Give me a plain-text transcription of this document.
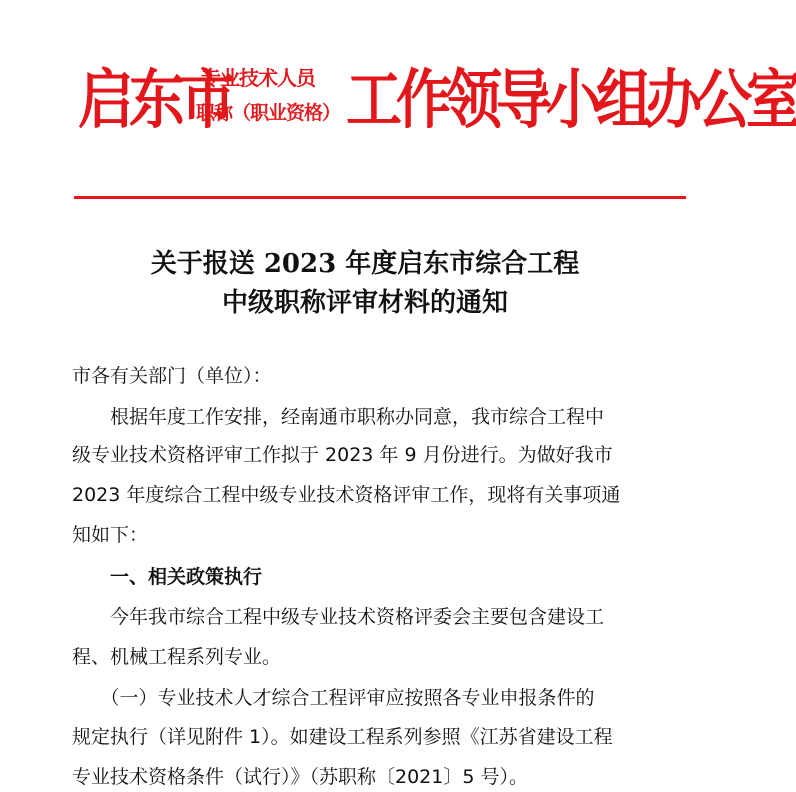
启东市
专业技术人员
职称（职业资格） 工作领导小组办公室
关于报送 2023 年度启东市综合工程
中级职称评审材料的通知
市各有关部门（单位）：
　　根据年度工作安排，经南通市职称办同意，我市综合工程中
级专业技术资格评审工作拟于 2023 年 9 月份进行。为做好我市
2023 年度综合工程中级专业技术资格评审工作，现将有关事项通
知如下：
　　一、相关政策执行
　　今年我市综合工程中级专业技术资格评委会主要包含建设工
程、机械工程系列专业。
　　（一）专业技术人才综合工程评审应按照各专业申报条件的
规定执行（详见附件 1）。如建设工程系列参照《江苏省建设工程
专业技术资格条件（试行）》（苏职称〔2021〕5 号）。
